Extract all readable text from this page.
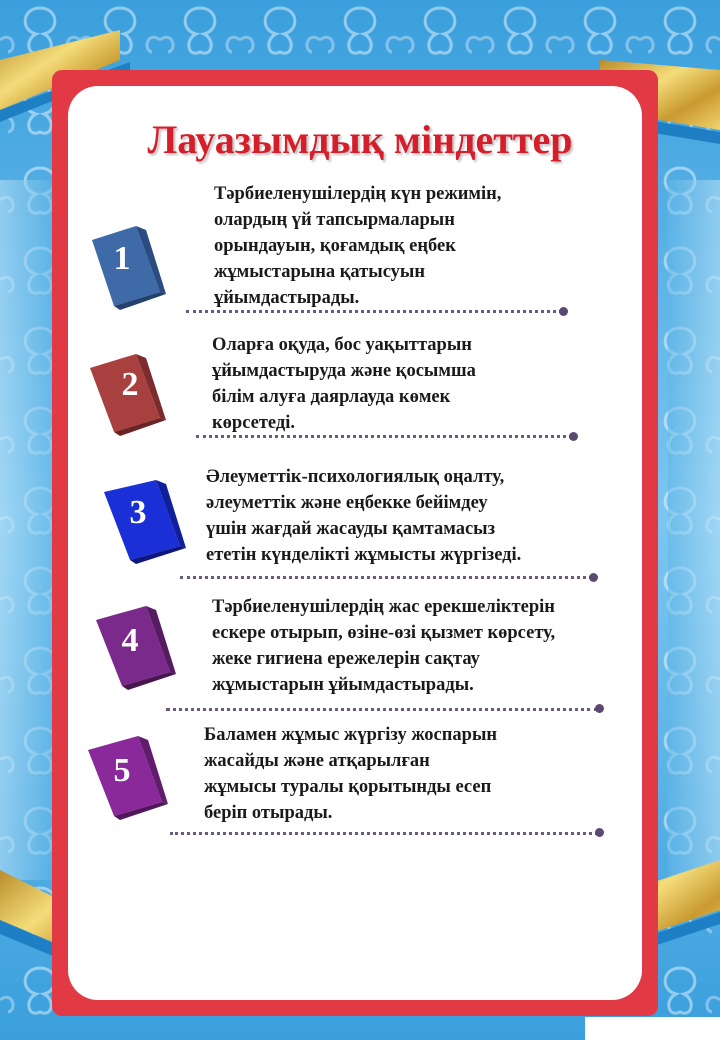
Лауазымдық міндеттер
1
Тәрбиеленушілердің күн режимін,
олардың үй тапсырмаларын
орындауын, қоғамдық еңбек
жұмыстарына қатысуын
ұйымдастырады.
2
Оларға оқуда, бос уақыттарын
ұйымдастыруда және қосымша
білім алуға даярлауда көмек
көрсетеді.
3
Әлеуметтік-психологиялық оңалту,
әлеуметтік және еңбекке бейімдеу
үшін жағдай жасауды қамтамасыз
ететін күнделікті жұмысты жүргізеді.
4
Тәрбиеленушілердің жас ерекшеліктерін
ескере отырып, өзіне-өзі қызмет көрсету,
жеке гигиена ережелерін сақтау
жұмыстарын ұйымдастырады.
5
Баламен жұмыс жүргізу жоспарын
жасайды және атқарылған
жұмысы туралы қорытынды есеп
беріп отырады.
